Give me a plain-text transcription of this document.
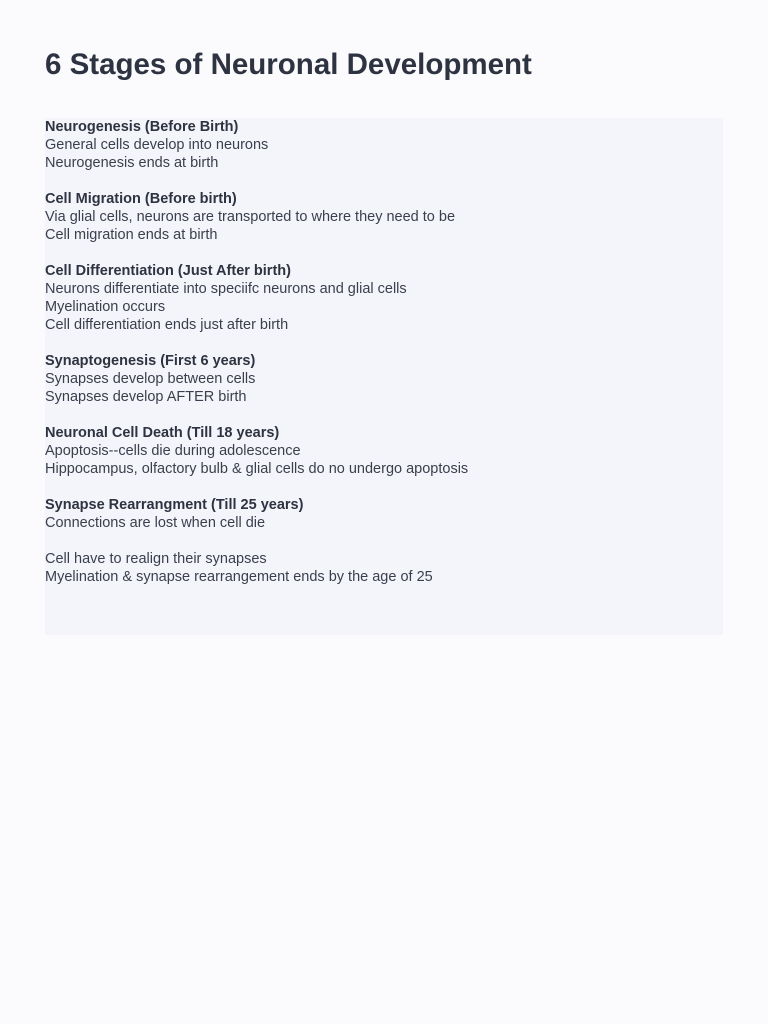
6 Stages of Neuronal Development
Neurogenesis (Before Birth)
General cells develop into neurons
Neurogenesis ends at birth
Cell Migration (Before birth)
Via glial cells, neurons are transported to where they need to be
Cell migration ends at birth
Cell Differentiation (Just After birth)
Neurons differentiate into speciifc neurons and glial cells
Myelination occurs
Cell differentiation ends just after birth
Synaptogenesis (First 6 years)
Synapses develop between cells
Synapses develop AFTER birth
Neuronal Cell Death (Till 18 years)
Apoptosis--cells die during adolescence
Hippocampus, olfactory bulb & glial cells do no undergo apoptosis
Synapse Rearrangment (Till 25 years)
Connections are lost when cell die
Cell have to realign their synapses
Myelination & synapse rearrangement ends by the age of 25
